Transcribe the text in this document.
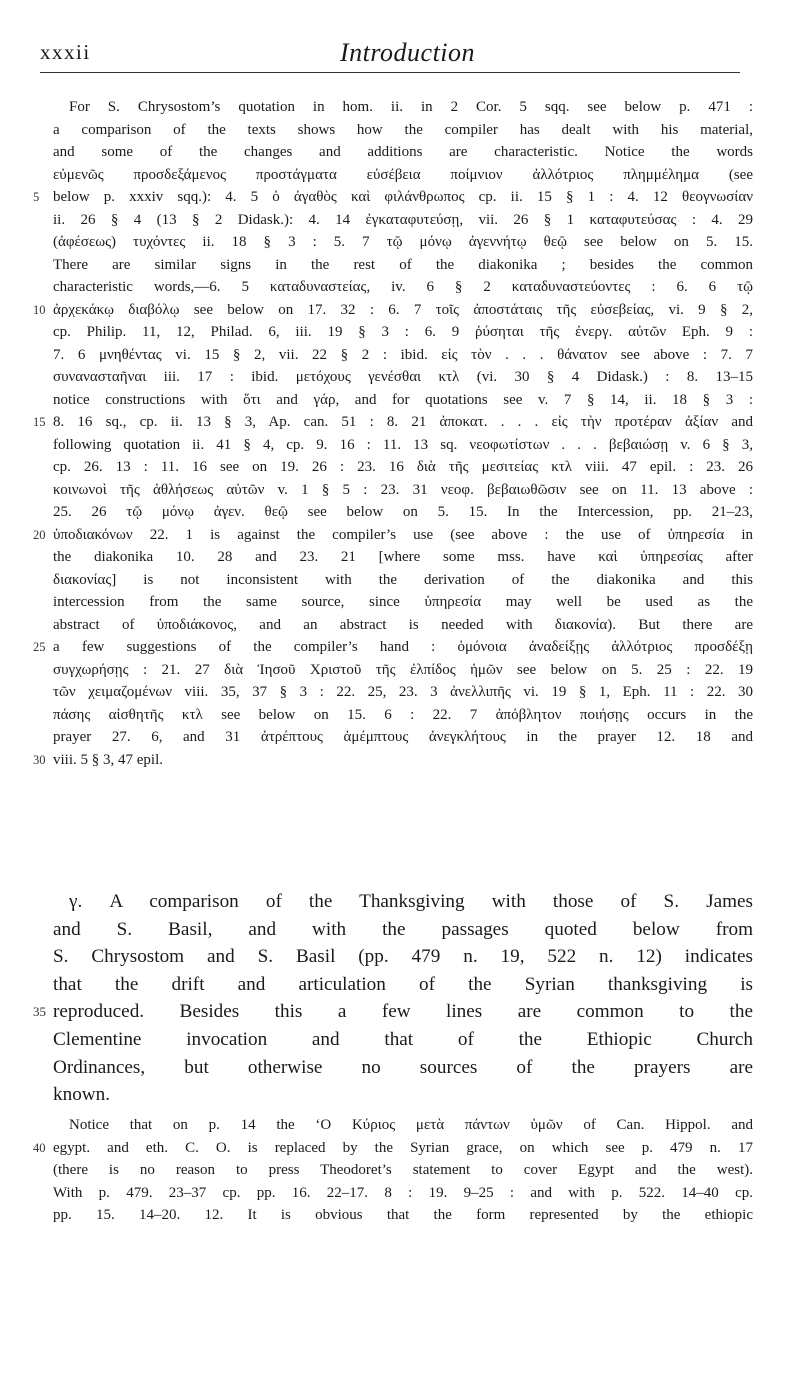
xxxii	Introduction
For S. Chrysostom’s quotation in hom. ii. in 2 Cor. 5 sqq. see below p. 471 :
a comparison of the texts shows how the compiler has dealt with his material,
and some of the changes and additions are characteristic. Notice the words
εὐμενῶς προσδεξάμενος προστάγματα εὐσέβεια ποίμνιον ἀλλότριος πλημμέλημα (see
5 below p. xxxiv sqq.): 4. 5 ὁ ἀγαθὸς καὶ φιλάνθρωπος cp. ii. 15 § 1 : 4. 12 θεογνωσίαν
ii. 26 § 4 (13 § 2 Didask.): 4. 14 ἐγκαταφυτεύσῃ, vii. 26 § 1 καταφυτεύσας : 4. 29
(ἀφέσεως) τυχόντες ii. 18 § 3 : 5. 7 τῷ μόνῳ ἀγεννήτῳ θεῷ see below on 5. 15.
There are similar signs in the rest of the diakonika ; besides the common
characteristic words,—6. 5 καταδυναστείας, iv. 6 § 2 καταδυναστεύοντες : 6. 6 τῷ
10 ἀρχεκάκῳ διαβόλῳ see below on 17. 32 : 6. 7 τοῖς ἀποστάταις τῆς εὐσεβείας, vi. 9 § 2,
cp. Philip. 11, 12, Philad. 6, iii. 19 § 3 : 6. 9 ῥύσηται τῆς ἐνεργ. αὐτῶν Eph. 9 :
7. 6 μνηθέντας vi. 15 § 2, vii. 22 § 2 : ibid. εἰς τὸν . . . θάνατον see above : 7. 7
συνανασταῆναι iii. 17 : ibid. μετόχους γενέσθαι κτλ (vi. 30 § 4 Didask.) : 8. 13–15
notice constructions with ὅτι and γάρ, and for quotations see v. 7 § 14, ii. 18 § 3 :
15 8. 16 sq., cp. ii. 13 § 3, Ap. can. 51 : 8. 21 ἀποκατ. . . . εἰς τὴν προτέραν ἀξίαν and
following quotation ii. 41 § 4, cp. 9. 16 : 11. 13 sq. νεοφωτίστων . . . βεβαιώσῃ v. 6 § 3,
cp. 26. 13 : 11. 16 see on 19. 26 : 23. 16 διὰ τῆς μεσιτείας κτλ viii. 47 epil. : 23. 26
κοινωνοὶ τῆς ἀθλήσεως αὐτῶν v. 1 § 5 : 23. 31 νεοφ. βεβαιωθῶσιν see on 11. 13 above :
25. 26 τῷ μόνῳ ἀγεν. θεῷ see below on 5. 15. In the Intercession, pp. 21–23,
20 ὑποδιακόνων 22. 1 is against the compiler’s use (see above : the use of ὑπηρεσία in
the diakonika 10. 28 and 23. 21 [where some mss. have καὶ ὑπηρεσίας after
διακονίας] is not inconsistent with the derivation of the diakonika and this
intercession from the same source, since ὑπηρεσία may well be used as the
abstract of ὑποδιάκονος, and an abstract is needed with διακονία). But there are
25 a few suggestions of the compiler’s hand : ὁμόνοια ἀναδείξῃς ἀλλότριος προσδέξῃ
συγχωρήσῃς : 21. 27 διὰ Ἰησοῦ Χριστοῦ τῆς ἐλπίδος ἡμῶν see below on 5. 25 : 22. 19
τῶν χειμαζομένων viii. 35, 37 § 3 : 22. 25, 23. 3 ἀνελλιπῆς vi. 19 § 1, Eph. 11 : 22. 30
πάσης αἰσθητῆς κτλ see below on 15. 6 : 22. 7 ἀπόβλητον ποιήσῃς occurs in the
prayer 27. 6, and 31 ἀτρέπτους ἀμέμπτους ἀνεγκλήτους in the prayer 12. 18 and
30 viii. 5 § 3, 47 epil.
γ. A comparison of the Thanksgiving with those of S. James
and S. Basil, and with the passages quoted below from
S. Chrysostom and S. Basil (pp. 479 n. 19, 522 n. 12) indicates
that the drift and articulation of the Syrian thanksgiving is
35 reproduced. Besides this a few lines are common to the
Clementine invocation and that of the Ethiopic Church
Ordinances, but otherwise no sources of the prayers are
known.
Notice that on p. 14 the ‘Ο Κύριος μετὰ πάντων ὑμῶν of Can. Hippol. and
40 egypt. and eth. C. O. is replaced by the Syrian grace, on which see p. 479 n. 17
(there is no reason to press Theodoret’s statement to cover Egypt and the west).
With p. 479. 23–37 cp. pp. 16. 22–17. 8 : 19. 9–25 : and with p. 522. 14–40 cp.
pp. 15. 14–20. 12. It is obvious that the form represented by the ethiopic
